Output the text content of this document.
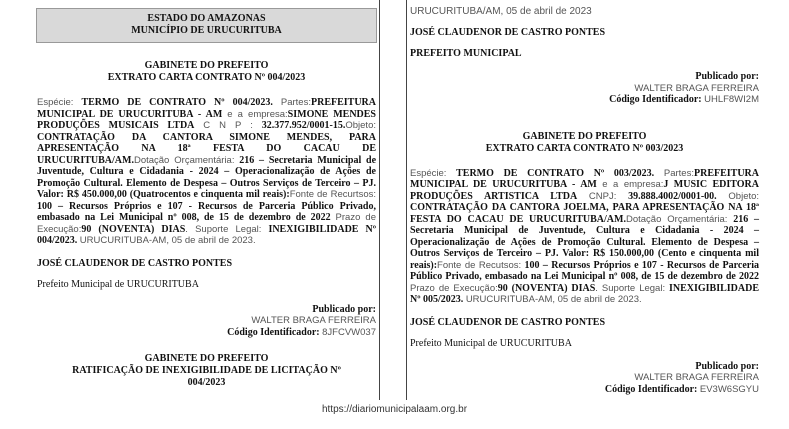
ESTADO DO AMAZONAS
MUNICÍPIO DE URUCURITUBA
GABINETE DO PREFEITO
EXTRATO CARTA CONTRATO Nº 004/2023
Espécie: TERMO DE CONTRATO Nº 004/2023. Partes:PREFEITURA MUNICIPAL DE URUCURITUBA - AM e a empresa:SIMONE MENDES PRODUÇÕES MUSICAIS LTDA C N P : 32.377.952/0001-15.Objeto: CONTRATAÇÃO DA CANTORA SIMONE MENDES, PARA APRESENTAÇÃO NA 18ª FESTA DO CACAU DE URUCURITUBA/AM.Dotação Orçamentária: 216 – Secretaria Municipal de Juventude, Cultura e Cidadania - 2024 – Operacionalização de Ações de Promoção Cultural. Elemento de Despesa – Outros Serviços de Terceiro – PJ. Valor: R$ 450.000,00 (Quatrocentos e cinquenta mil reais):Fonte de Recurtsos: 100 – Recursos Próprios e 107 - Recursos de Parceria Público Privado, embasado na Lei Municipal nº 008, de 15 de dezembro de 2022 Prazo de Execução:90 (NOVENTA) DIAS. Suporte Legal: INEXIGIBILIDADE Nº 004/2023. URUCURITUBA-AM, 05 de abril de 2023.
JOSÉ CLAUDENOR DE CASTRO PONTES
Prefeito Municipal de URUCURITUBA
Publicado por:
WALTER BRAGA FERREIRA
Código Identificador: 8JFCVW037
GABINETE DO PREFEITO
RATIFICAÇÃO DE INEXIGIBILIDADE DE LICITAÇÃO Nº
004/2023
URUCURITUBA/AM, 05 de abril de 2023
JOSÉ CLAUDENOR DE CASTRO PONTES
PREFEITO MUNICIPAL
Publicado por:
WALTER BRAGA FERREIRA
Código Identificador: UHLF8WI2M
GABINETE DO PREFEITO
EXTRATO CARTA CONTRATO Nº 003/2023
Espécie: TERMO DE CONTRATO Nº 003/2023. Partes:PREFEITURA MUNICIPAL DE URUCURITUBA - AM e a empresa:J MUSIC EDITORA PRODUÇÕES ARTISTICA LTDA CNPJ: 39.888.4002/0001-00. Objeto: CONTRATAÇÃO DA CANTORA JOELMA, PARA APRESENTAÇÃO NA 18ª FESTA DO CACAU DE URUCURITUBA/AM.Dotação Orçamentária: 216 – Secretaria Municipal de Juventude, Cultura e Cidadania - 2024 – Operacionalização de Ações de Promoção Cultural. Elemento de Despesa – Outros Serviços de Terceiro – PJ. Valor: R$ 150.000,00 (Cento e cinquenta mil reais):Fonte de Recutsos: 100 – Recursos Próprios e 107 - Recursos de Parceria Público Privado, embasado na Lei Municipal nº 008, de 15 de dezembro de 2022 Prazo de Execução:90 (NOVENTA) DIAS. Suporte Legal: INEXIGIBILIDADE Nº 005/2023. URUCURITUBA-AM, 05 de abril de 2023.
JOSÉ CLAUDENOR DE CASTRO PONTES
Prefeito Municipal de URUCURITUBA
Publicado por:
WALTER BRAGA FERREIRA
Código Identificador: EV3W6SGYU
https://diariomunicipalaam.org.br
